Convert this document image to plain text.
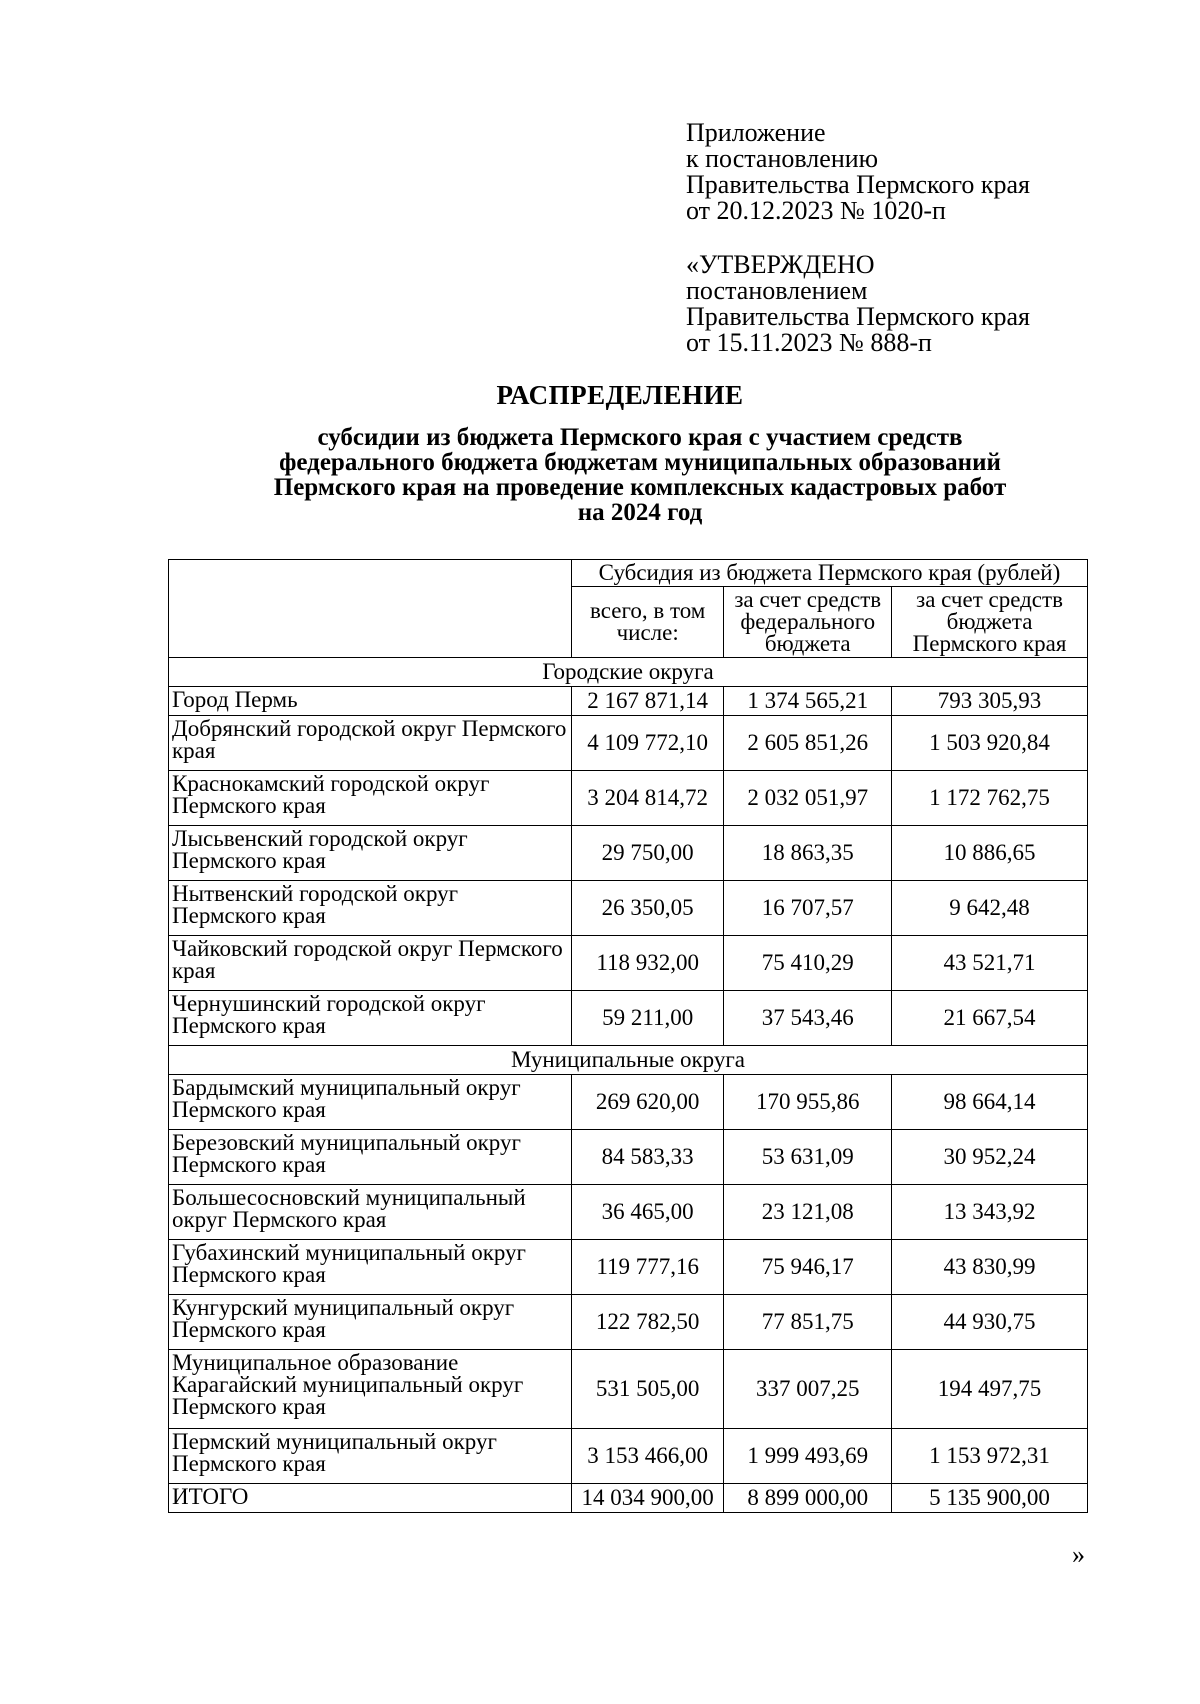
Приложение
к постановлению
Правительства Пермского края
от 20.12.2023 № 1020-п
«УТВЕРЖДЕНО
постановлением
Правительства Пермского края
от 15.11.2023 № 888-п
РАСПРЕДЕЛЕНИЕ
субсидии из бюджета Пермского края с участием средств
федерального бюджета бюджетам муниципальных образований
Пермского края на проведение комплексных кадастровых работ
на 2024 год
	Субсидия из бюджета Пермского края (рублей)		
	всего, в том числе:	за счет средств федерального бюджета	за счет средств бюджета Пермского края
Городские округа			
Город Пермь	2 167 871,14	1 374 565,21	793 305,93
Добрянский городской округ Пермского края	4 109 772,10	2 605 851,26	1 503 920,84
Краснокамский городской округ Пермского края	3 204 814,72	2 032 051,97	1 172 762,75
Лысьвенский городской округ Пермского края	29 750,00	18 863,35	10 886,65
Нытвенский городской округ Пермского края	26 350,05	16 707,57	9 642,48
Чайковский городской округ Пермского края	118 932,00	75 410,29	43 521,71
Чернушинский городской округ Пермского края	59 211,00	37 543,46	21 667,54
Муниципальные округа			
Бардымский муниципальный округ Пермского края	269 620,00	170 955,86	98 664,14
Березовский муниципальный округ Пермского края	84 583,33	53 631,09	30 952,24
Большесосновский муниципальный округ Пермского края	36 465,00	23 121,08	13 343,92
Губахинский муниципальный округ Пермского края	119 777,16	75 946,17	43 830,99
Кунгурский муниципальный округ Пермского края	122 782,50	77 851,75	44 930,75
Муниципальное образование Карагайский муниципальный округ Пермского края	531 505,00	337 007,25	194 497,75
Пермский муниципальный округ Пермского края	3 153 466,00	1 999 493,69	1 153 972,31
ИТОГО	14 034 900,00	8 899 000,00	5 135 900,00
»
